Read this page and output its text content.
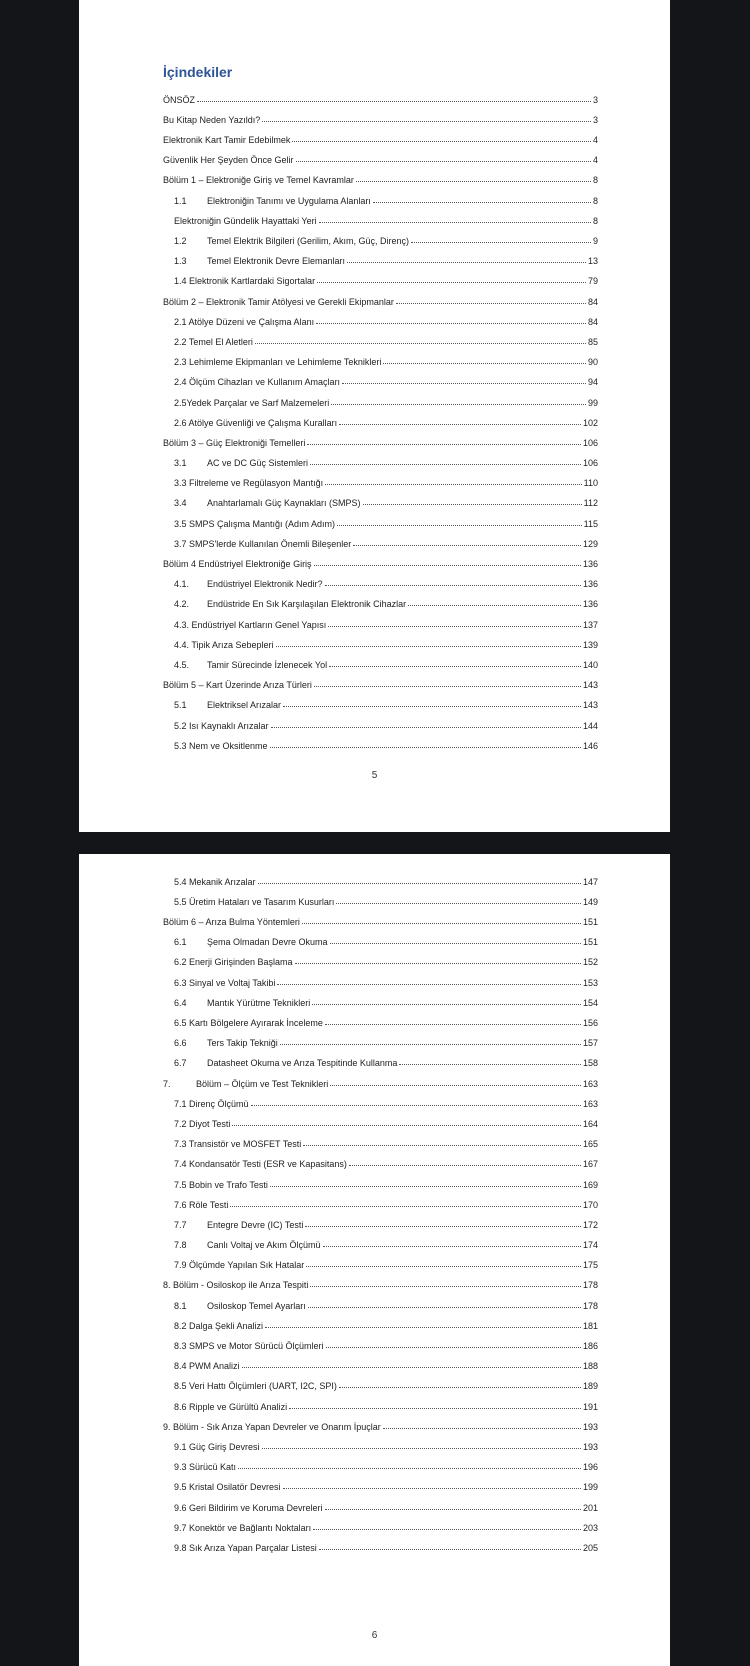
İçindekiler
ÖNSÖZ	3
Bu Kitap Neden Yazıldı?	3
Elektronik Kart Tamir Edebilmek	4
Güvenlik Her Şeyden Önce Gelir	4
Bölüm 1 – Elektroniğe Giriş ve Temel Kavramlar	8
1.1	Elektroniğin Tanımı ve Uygulama Alanları	8
Elektroniğin Gündelik Hayattaki Yeri	8
1.2	Temel Elektrik Bilgileri (Gerilim, Akım, Güç, Direnç)	9
1.3	Temel Elektronik Devre Elemanları	13
1.4 Elektronik Kartlardaki Sigortalar	79
Bölüm 2 – Elektronik Tamir Atölyesi ve Gerekli Ekipmanlar	84
2.1 Atölye Düzeni ve Çalışma Alanı	84
2.2 Temel El Aletleri	85
2.3 Lehimleme Ekipmanları ve Lehimleme Teknikleri	90
2.4 Ölçüm Cihazları ve Kullanım Amaçları	94
2.5Yedek Parçalar ve Sarf Malzemeleri	99
2.6 Atölye Güvenliği ve Çalışma Kuralları	102
Bölüm 3 – Güç Elektroniği Temelleri	106
3.1	AC ve DC Güç Sistemleri	106
3.3 Filtreleme ve Regülasyon Mantığı	110
3.4	Anahtarlamalı Güç Kaynakları (SMPS)	112
3.5 SMPS Çalışma Mantığı (Adım Adım)	115
3.7 SMPS'lerde Kullanılan Önemli Bileşenler	129
Bölüm 4 Endüstriyel Elektroniğe Giriş	136
4.1.	Endüstriyel Elektronik Nedir?	136
4.2.	Endüstride En Sık Karşılaşılan Elektronik Cihazlar	136
4.3. Endüstriyel Kartların Genel Yapısı	137
4.4. Tipik Arıza Sebepleri	139
4.5.	Tamir Sürecinde İzlenecek Yol	140
Bölüm 5 – Kart Üzerinde Arıza Türleri	143
5.1	Elektriksel Arızalar	143
5.2 Isı Kaynaklı Arızalar	144
5.3 Nem ve Oksitlenme	146
5
5.4 Mekanik Arızalar	147
5.5 Üretim Hataları ve Tasarım Kusurları	149
Bölüm 6 – Arıza Bulma Yöntemleri	151
6.1	Şema Olmadan Devre Okuma	151
6.2 Enerji Girişinden Başlama	152
6.3 Sinyal ve Voltaj Takibi	153
6.4	Mantık Yürütme Teknikleri	154
6.5 Kartı Bölgelere Ayırarak İnceleme	156
6.6	Ters Takip Tekniği	157
6.7	Datasheet Okuma ve Arıza Tespitinde Kullanma	158
7.	Bölüm – Ölçüm ve Test Teknikleri	163
7.1 Direnç Ölçümü	163
7.2 Diyot Testi	164
7.3 Transistör ve MOSFET Testi	165
7.4 Kondansatör Testi (ESR ve Kapasitans)	167
7.5 Bobin ve Trafo Testi	169
7.6 Röle Testi	170
7.7	Entegre Devre (IC) Testi	172
7.8	Canlı Voltaj ve Akım Ölçümü	174
7.9 Ölçümde Yapılan Sık Hatalar	175
8. Bölüm - Osiloskop ile Arıza Tespiti	178
8.1	Osiloskop Temel Ayarları	178
8.2 Dalga Şekli Analizi	181
8.3 SMPS ve Motor Sürücü Ölçümleri	186
8.4 PWM Analizi	188
8.5 Veri Hattı Ölçümleri (UART, I2C, SPI)	189
8.6 Ripple ve Gürültü Analizi	191
9. Bölüm - Sık Arıza Yapan Devreler ve Onarım İpuçlar	193
9.1 Güç Giriş Devresi	193
9.3 Sürücü Katı	196
9.5 Kristal Osilatör Devresi	199
9.6 Geri Bildirim ve Koruma Devreleri	201
9.7 Konektör ve Bağlantı Noktaları	203
9.8 Sık Arıza Yapan Parçalar Listesi	205
6
